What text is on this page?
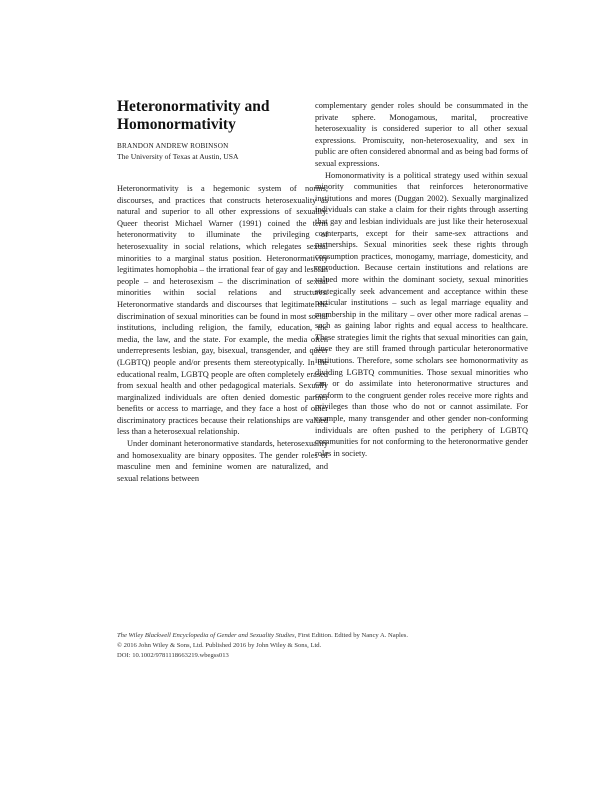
Heteronormativity and
Homonormativity
BRANDON ANDREW ROBINSON
The University of Texas at Austin, USA

Heteronormativity is a hegemonic system of norms, discourses, and practices that constructs heterosexuality as natural and superior to all other expressions of sexuality. Queer theorist Michael Warner (1991) coined the term heteronormativity to illuminate the privileging of heterosexuality in social relations, which relegates sexual minorities to a marginal status position. Heteronormativity legitimates homophobia – the irrational fear of gay and lesbian people – and heterosexism – the discrimination of sexual minorities within social relations and structures. Heteronormative standards and discourses that legitimate the discrimination of sexual minorities can be found in most social institutions, including religion, the family, education, the media, the law, and the state. For example, the media often underrepresents lesbian, gay, bisexual, transgender, and queer (LGBTQ) people and/or presents them stereotypically. In the educational realm, LGBTQ people are often completely erased from sexual health and other pedagogical materials. Sexually marginalized individuals are often denied domestic partner benefits or access to marriage, and they face a host of other discriminatory practices because their relationships are valued less than a heterosexual relationship.

Under dominant heteronormative standards, heterosexuality and homosexuality are binary opposites. The gender roles of masculine men and feminine women are naturalized, and sexual relations between

complementary gender roles should be consummated in the private sphere. Monogamous, marital, procreative heterosexuality is considered superior to all other sexual expressions. Promiscuity, non-heterosexuality, and sex in public are often considered abnormal and as being bad forms of sexual expressions.

Homonormativity is a political strategy used within sexual minority communities that reinforces heteronormative institutions and mores (Duggan 2002). Sexually marginalized individuals can stake a claim for their rights through asserting that gay and lesbian individuals are just like their heterosexual counterparts, except for their same-sex attractions and partnerships. Sexual minorities seek these rights through consumption practices, monogamy, marriage, domesticity, and reproduction. Because certain institutions and relations are valued more within the dominant society, sexual minorities strategically seek advancement and acceptance within these particular institutions – such as legal marriage equality and membership in the military – over other more radical arenas – such as gaining labor rights and equal access to healthcare. These strategies limit the rights that sexual minorities can gain, since they are still framed through particular heteronormative institutions. Therefore, some scholars see homonormativity as dividing LGBTQ communities. Those sexual minorities who can or do assimilate into heteronormative structures and conform to the congruent gender roles receive more rights and privileges than those who do not or cannot assimilate. For example, many transgender and other gender non-conforming individuals are often pushed to the periphery of LGBTQ communities for not conforming to the heteronormative gender roles in society.

The Wiley Blackwell Encyclopedia of Gender and Sexuality Studies, First Edition. Edited by Nancy A. Naples.
© 2016 John Wiley & Sons, Ltd. Published 2016 by John Wiley & Sons, Ltd.
DOI: 10.1002/9781118663219.wbegss013
